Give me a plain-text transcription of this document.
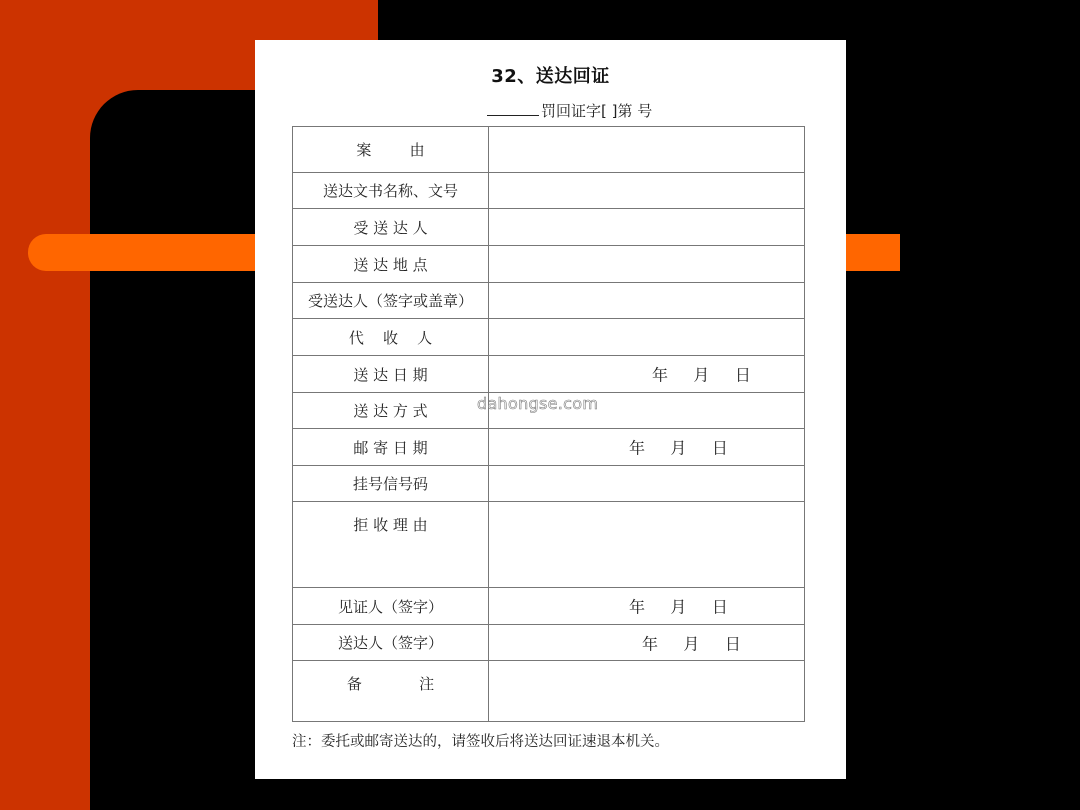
32、送达回证
罚回证字[ ]第 号
案        由
送达文书名称、文号
受 送 达 人
送 达 地 点
受送达人（签字或盖章）
代    收    人
送 达 日 期	年     月     日
送 达 方 式
邮 寄 日 期	年     月     日
挂号信号码
拒 收 理 由
见证人（签字）	年     月     日
送达人（签字）	年     月     日
备            注
dahongse.com
注：委托或邮寄送达的，请签收后将送达回证速退本机关。
